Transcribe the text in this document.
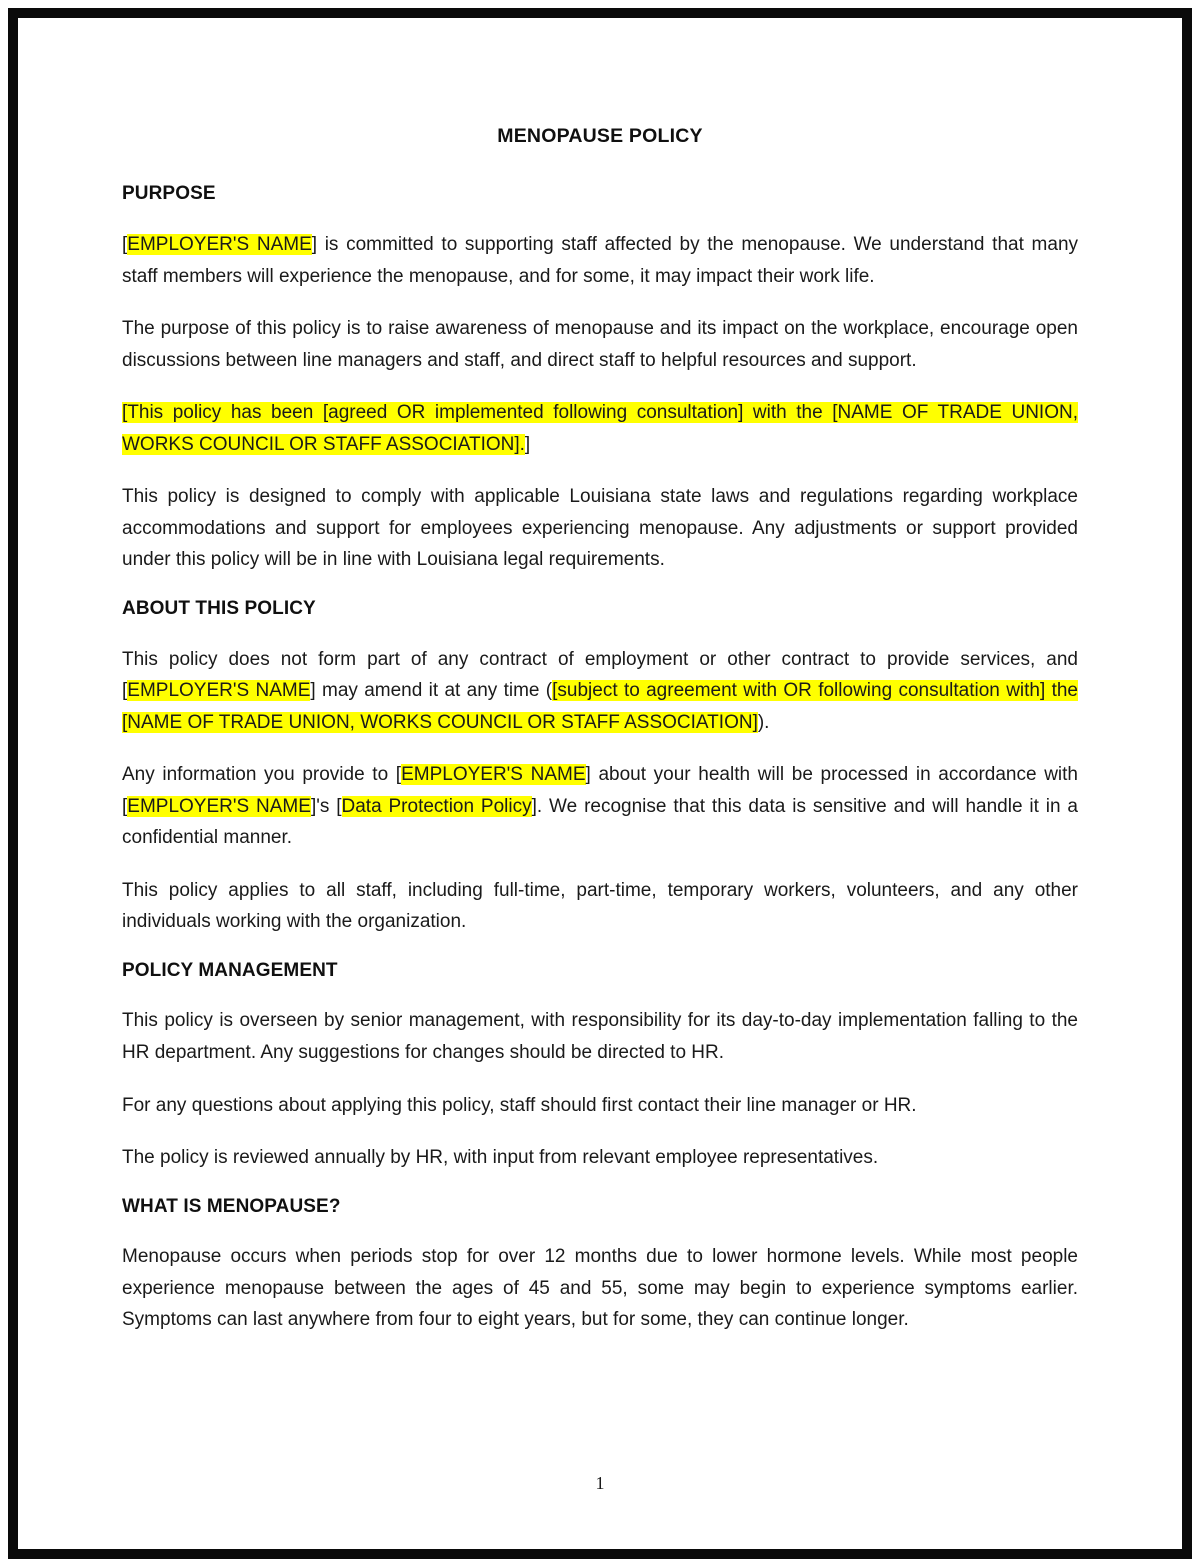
MENOPAUSE POLICY
PURPOSE

[EMPLOYER'S NAME] is committed to supporting staff affected by the menopause. We understand that many staff members will experience the menopause, and for some, it may impact their work life.

The purpose of this policy is to raise awareness of menopause and its impact on the workplace, encourage open discussions between line managers and staff, and direct staff to helpful resources and support.

[This policy has been [agreed OR implemented following consultation] with the [NAME OF TRADE UNION, WORKS COUNCIL OR STAFF ASSOCIATION].]

This policy is designed to comply with applicable Louisiana state laws and regulations regarding workplace accommodations and support for employees experiencing menopause. Any adjustments or support provided under this policy will be in line with Louisiana legal requirements.

ABOUT THIS POLICY

This policy does not form part of any contract of employment or other contract to provide services, and [EMPLOYER'S NAME] may amend it at any time ([subject to agreement with OR following consultation with] the [NAME OF TRADE UNION, WORKS COUNCIL OR STAFF ASSOCIATION]).

Any information you provide to [EMPLOYER'S NAME] about your health will be processed in accordance with [EMPLOYER'S NAME]'s [Data Protection Policy]. We recognise that this data is sensitive and will handle it in a confidential manner.

This policy applies to all staff, including full-time, part-time, temporary workers, volunteers, and any other individuals working with the organization.

POLICY MANAGEMENT

This policy is overseen by senior management, with responsibility for its day-to-day implementation falling to the HR department. Any suggestions for changes should be directed to HR.

For any questions about applying this policy, staff should first contact their line manager or HR.

The policy is reviewed annually by HR, with input from relevant employee representatives.

WHAT IS MENOPAUSE?

Menopause occurs when periods stop for over 12 months due to lower hormone levels. While most people experience menopause between the ages of 45 and 55, some may begin to experience symptoms earlier. Symptoms can last anywhere from four to eight years, but for some, they can continue longer.

1
